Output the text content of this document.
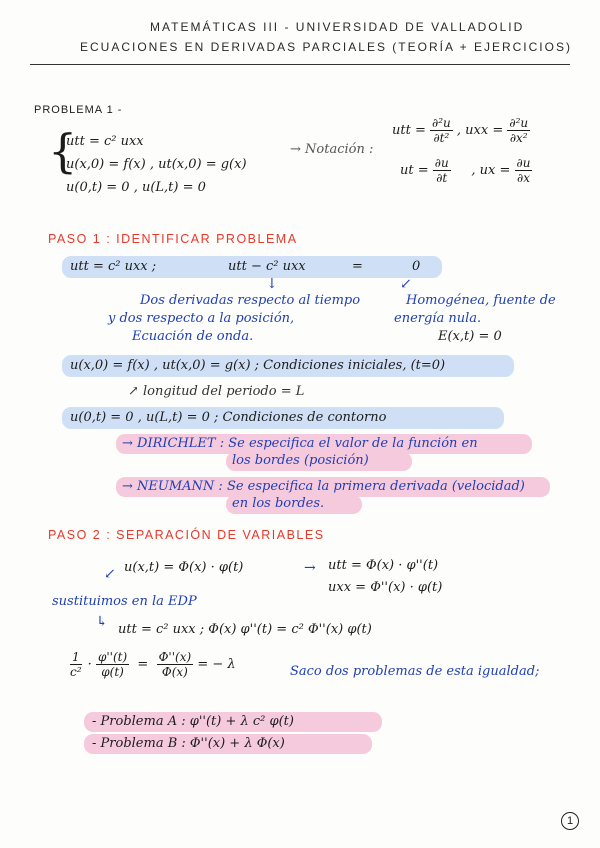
MATEMÁTICAS III - UNIVERSIDAD DE VALLADOLID
ECUACIONES EN DERIVADAS PARCIALES (TEORÍA + EJERCICIOS)
PROBLEMA 1 -
{
utt = c² uxx
u(x,0) = f(x) , ut(x,0) = g(x)
u(0,t) = 0 , u(L,t) = 0
→ Notación :
utt = $\frac{\text{∂²u}}{\text{∂t²}}$ , uxx = $\frac{\text{∂²u}}{\text{∂x²}}$
ut = $\frac{\partial u}{\partial t}$ , ux = $\frac{\partial u}{\partial x}$
PASO 1 : IDENTIFICAR PROBLEMA
utt = c² uxx ;	utt − c² uxx	=	0
↓	↙
Dos derivadas respecto al tiempo
y dos respecto a la posición,
Ecuación de onda.
Homogénea, fuente de
energía nula.
E(x,t) = 0
u(x,0) = f(x) , ut(x,0) = g(x) ; Condiciones iniciales, (t=0)
↗ longitud del periodo = L
u(0,t) = 0 , u(L,t) = 0 ; Condiciones de contorno
→ DIRICHLET : Se especifica el valor de la función en
los bordes (posición)
→ NEUMANN : Se especifica la primera derivada (velocidad)
en los bordes.
PASO 2 : SEPARACIÓN DE VARIABLES
↙ u(x,t) = Φ(x) · φ(t)	→ utt = Φ(x) · φ''(t)
uxx = Φ''(x) · φ(t)
sustituimos en la EDP
↳ utt = c² uxx ; Φ(x) φ''(t) = c² Φ''(x) φ(t)
$\frac{1}{\text{c²}} \cdot \frac{\varphi''(t)}{\varphi(t)} = \frac{\Phi''(x)}{\Phi(x)}$ = − λ	Saco dos problemas de esta igualdad;
- Problema A : φ''(t) + λ c² φ(t)
- Problema B : Φ''(x) + λ Φ(x)
1
